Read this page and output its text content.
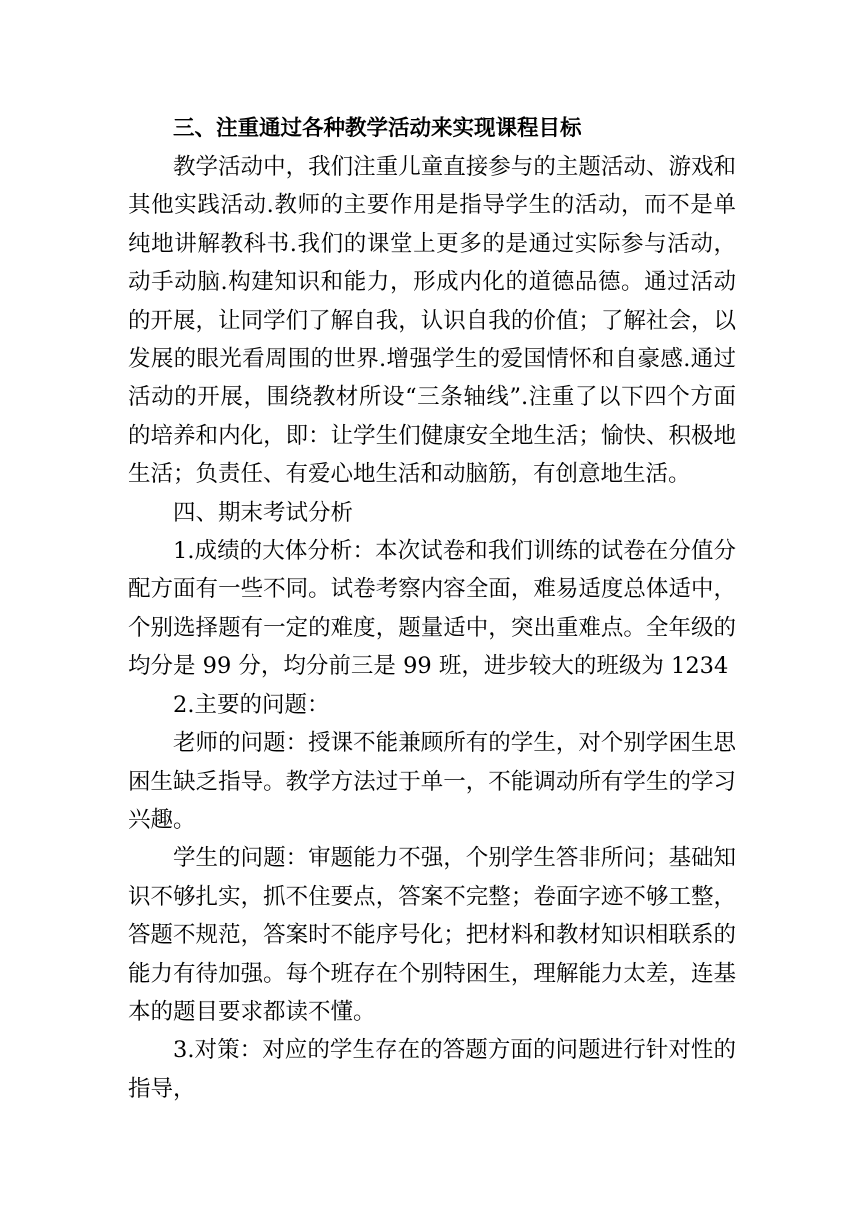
三、注重通过各种教学活动来实现课程目标

教学活动中，我们注重儿童直接参与的主题活动、游戏和其他实践活动.教师的主要作用是指导学生的活动，而不是单纯地讲解教科书.我们的课堂上更多的是通过实际参与活动，动手动脑.构建知识和能力，形成内化的道德品德。通过活动的开展，让同学们了解自我，认识自我的价值；了解社会，以发展的眼光看周围的世界.增强学生的爱国情怀和自豪感.通过活动的开展，围绕教材所设“三条轴线”.注重了以下四个方面的培养和内化，即：让学生们健康安全地生活；愉快、积极地生活；负责任、有爱心地生活和动脑筋，有创意地生活。

四、期末考试分析

1.成绩的大体分析：本次试卷和我们训练的试卷在分值分配方面有一些不同。试卷考察内容全面，难易适度总体适中，个别选择题有一定的难度，题量适中，突出重难点。全年级的均分是 99 分，均分前三是 99 班，进步较大的班级为 1234

2.主要的问题：

老师的问题：授课不能兼顾所有的学生，对个别学困生思困生缺乏指导。教学方法过于单一，不能调动所有学生的学习兴趣。

学生的问题：审题能力不强，个别学生答非所问；基础知识不够扎实，抓不住要点，答案不完整；卷面字迹不够工整，答题不规范，答案时不能序号化；把材料和教材知识相联系的能力有待加强。每个班存在个别特困生，理解能力太差，连基本的题目要求都读不懂。

3.对策：对应的学生存在的答题方面的问题进行针对性的指导，
